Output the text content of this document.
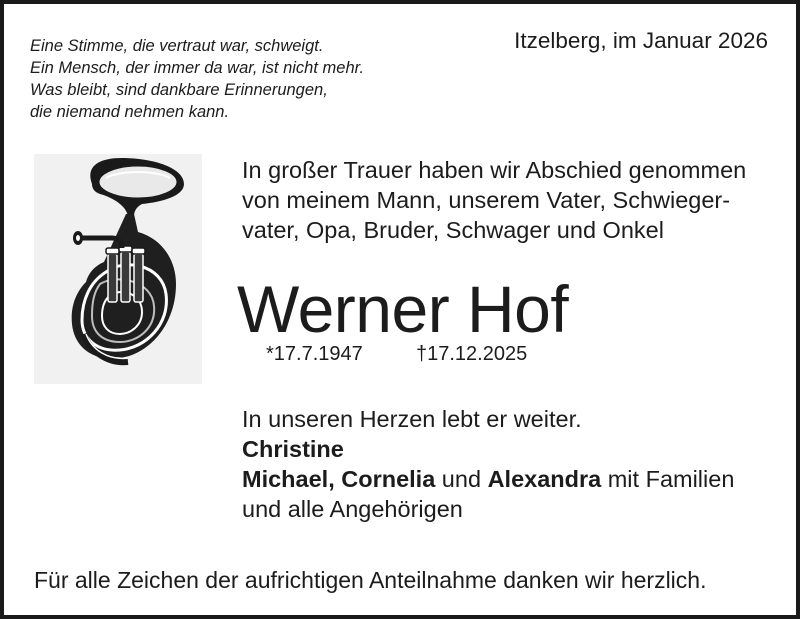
Eine Stimme, die vertraut war, schweigt.
Ein Mensch, der immer da war, ist nicht mehr.
Was bleibt, sind dankbare Erinnerungen,
die niemand nehmen kann.
Itzelberg, im Januar 2026
In großer Trauer haben wir Abschied genommen
von meinem Mann, unserem Vater, Schwieger-
vater, Opa, Bruder, Schwager und Onkel
Werner Hof
*17.7.1947	†17.12.2025
In unseren Herzen lebt er weiter.
Christine
Michael, Cornelia und Alexandra mit Familien
und alle Angehörigen
Für alle Zeichen der aufrichtigen Anteilnahme danken wir herzlich.
